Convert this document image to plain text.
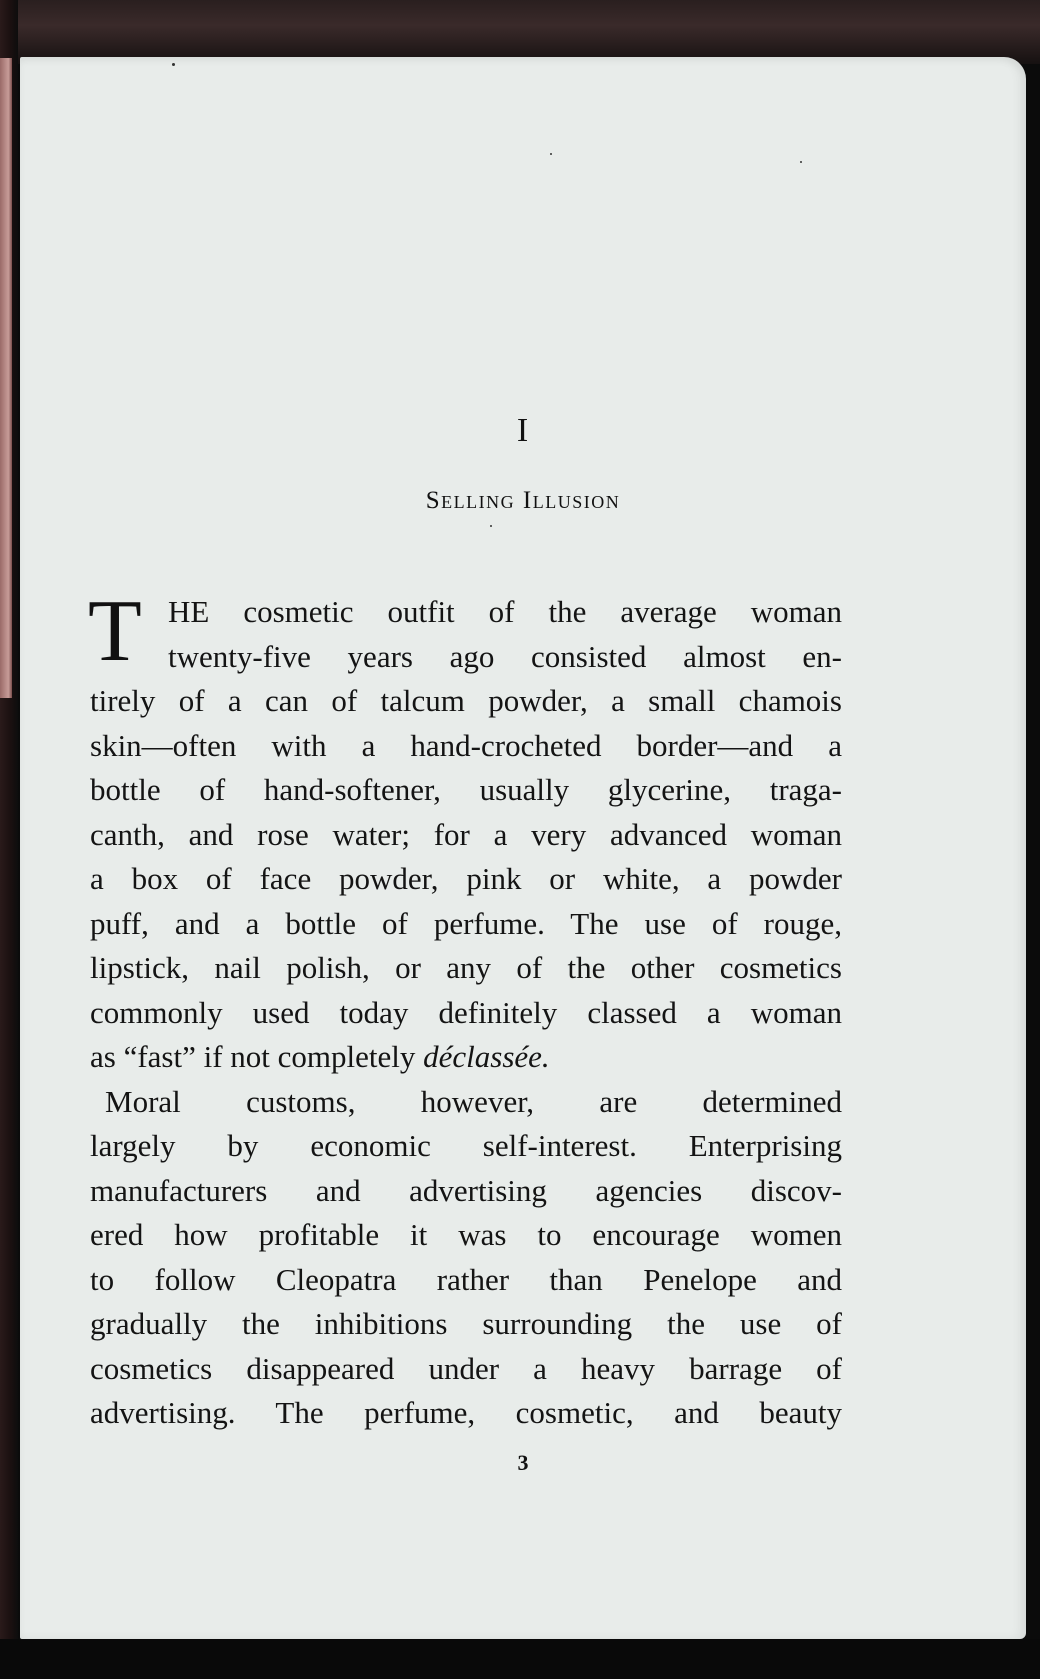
I
Selling Illusion
T HE cosmetic outfit of the average woman
twenty-five years ago consisted almost en-
tirely of a can of talcum powder, a small chamois
skin—often with a hand-crocheted border—and a
bottle of hand-softener, usually glycerine, traga-
canth, and rose water; for a very advanced woman
a box of face powder, pink or white, a powder
puff, and a bottle of perfume. The use of rouge,
lipstick, nail polish, or any of the other cosmetics
commonly used today definitely classed a woman
as “fast” if not completely déclassée.
Moral customs, however, are determined
largely by economic self-interest. Enterprising
manufacturers and advertising agencies discov-
ered how profitable it was to encourage women
to follow Cleopatra rather than Penelope and
gradually the inhibitions surrounding the use of
cosmetics disappeared under a heavy barrage of
advertising. The perfume, cosmetic, and beauty
3
